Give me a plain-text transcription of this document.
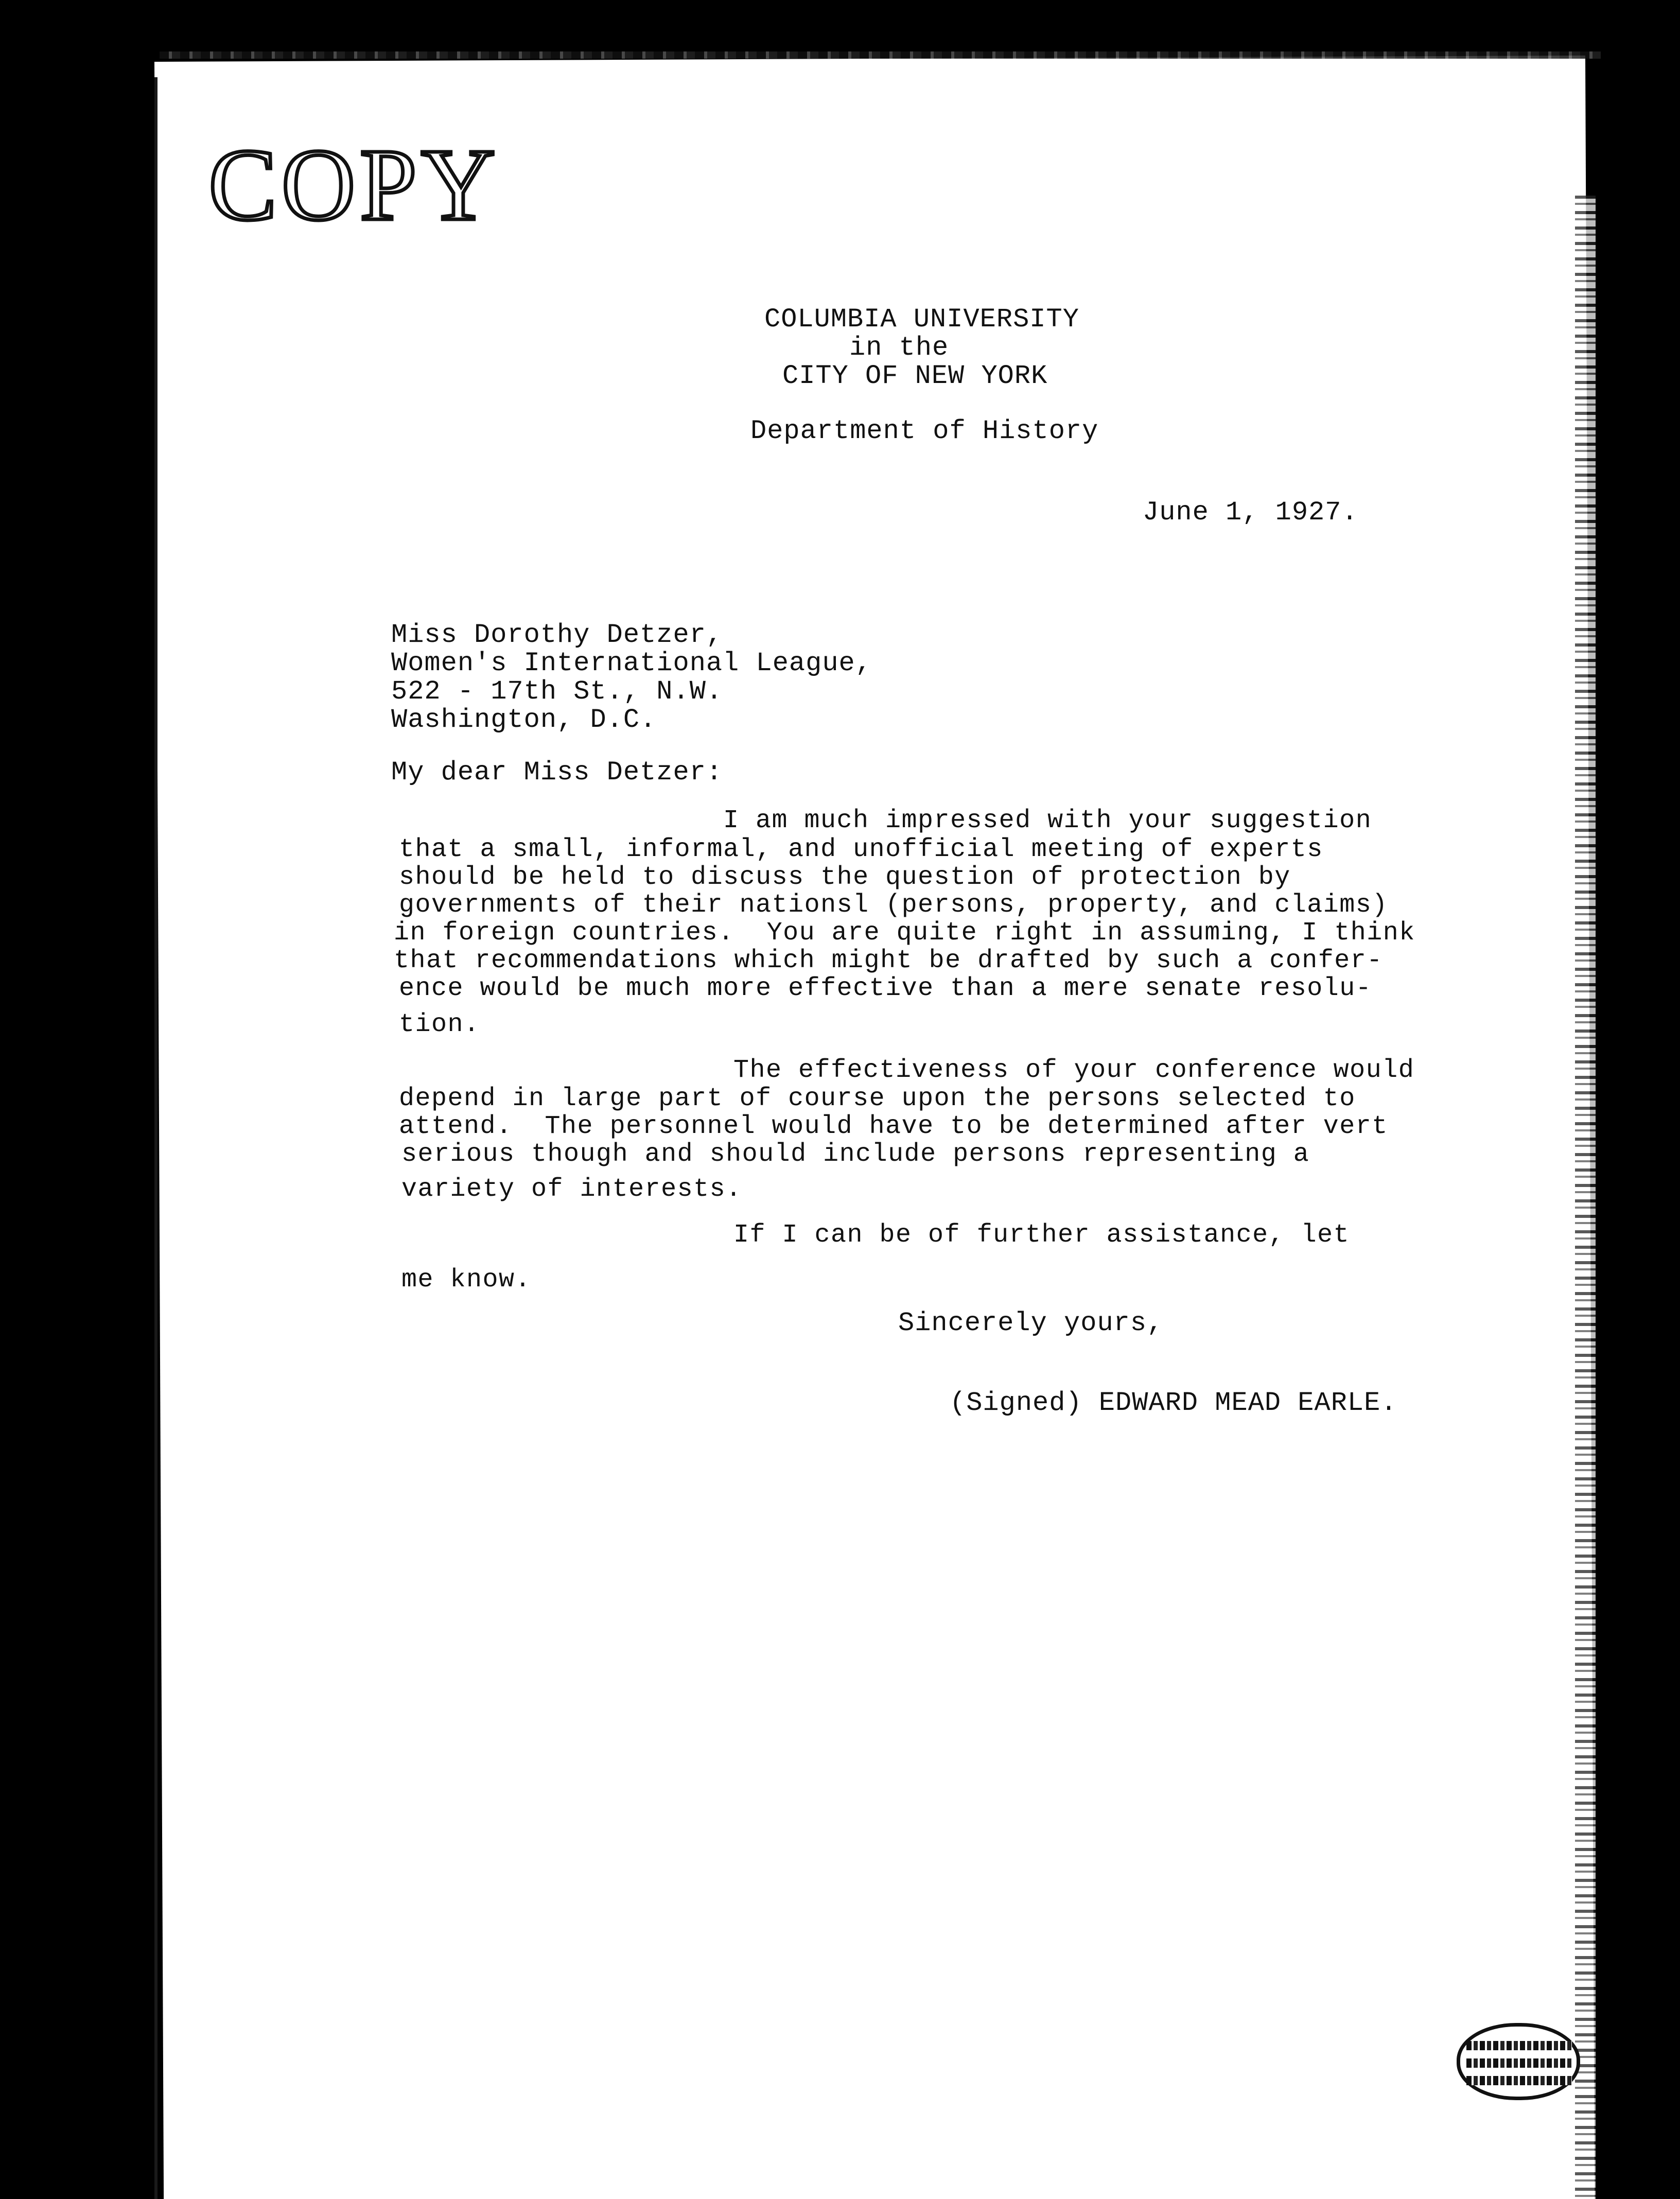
COPY
COLUMBIA UNIVERSITY
in the
CITY OF NEW YORK
Department of History
June 1, 1927.
Miss Dorothy Detzer,
Women's International League,
522 - 17th St., N.W.
Washington, D.C.
My dear Miss Detzer:
I am much impressed with your suggestion
that a small, informal, and unofficial meeting of experts
should be held to discuss the question of protection by
governments of their nationsl (persons, property, and claims)
in foreign countries.  You are quite right in assuming, I think
that recommendations which might be drafted by such a confer-
ence would be much more effective than a mere senate resolu-
tion.
The effectiveness of your conference would
depend in large part of course upon the persons selected to
attend.  The personnel would have to be determined after vert
serious though and should include persons representing a
variety of interests.
If I can be of further assistance, let
me know.
Sincerely yours,
(Signed) EDWARD MEAD EARLE.
